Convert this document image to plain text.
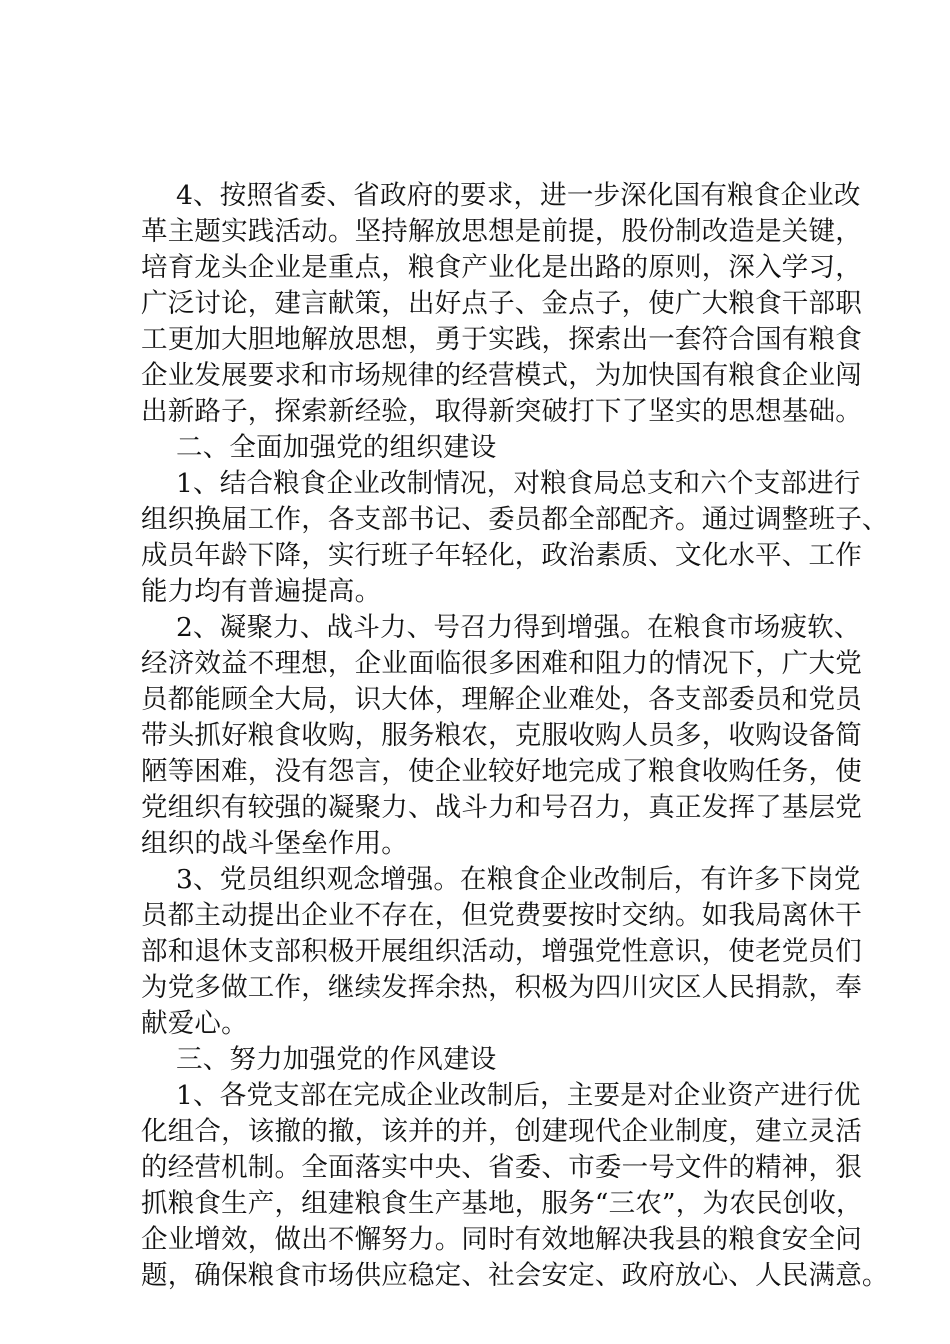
4、按照省委、省政府的要求，进一步深化国有粮食企业改
革主题实践活动。坚持解放思想是前提，股份制改造是关键，
培育龙头企业是重点，粮食产业化是出路的原则，深入学习，
广泛讨论，建言献策，出好点子、金点子，使广大粮食干部职
工更加大胆地解放思想，勇于实践，探索出一套符合国有粮食
企业发展要求和市场规律的经营模式，为加快国有粮食企业闯
出新路子，探索新经验，取得新突破打下了坚实的思想基础。
二、全面加强党的组织建设
1、结合粮食企业改制情况，对粮食局总支和六个支部进行
组织换届工作，各支部书记、委员都全部配齐。通过调整班子、
成员年龄下降，实行班子年轻化，政治素质、文化水平、工作
能力均有普遍提高。
2、凝聚力、战斗力、号召力得到增强。在粮食市场疲软、
经济效益不理想，企业面临很多困难和阻力的情况下，广大党
员都能顾全大局，识大体，理解企业难处，各支部委员和党员
带头抓好粮食收购，服务粮农，克服收购人员多，收购设备简
陋等困难，没有怨言，使企业较好地完成了粮食收购任务，使
党组织有较强的凝聚力、战斗力和号召力，真正发挥了基层党
组织的战斗堡垒作用。
3、党员组织观念增强。在粮食企业改制后，有许多下岗党
员都主动提出企业不存在，但党费要按时交纳。如我局离休干
部和退休支部积极开展组织活动，增强党性意识，使老党员们
为党多做工作，继续发挥余热，积极为四川灾区人民捐款，奉
献爱心。
三、努力加强党的作风建设
1、各党支部在完成企业改制后，主要是对企业资产进行优
化组合，该撤的撤，该并的并，创建现代企业制度，建立灵活
的经营机制。全面落实中央、省委、市委一号文件的精神，狠
抓粮食生产，组建粮食生产基地，服务“三农”，为农民创收，
企业增效，做出不懈努力。同时有效地解决我县的粮食安全问
题，确保粮食市场供应稳定、社会安定、政府放心、人民满意。
